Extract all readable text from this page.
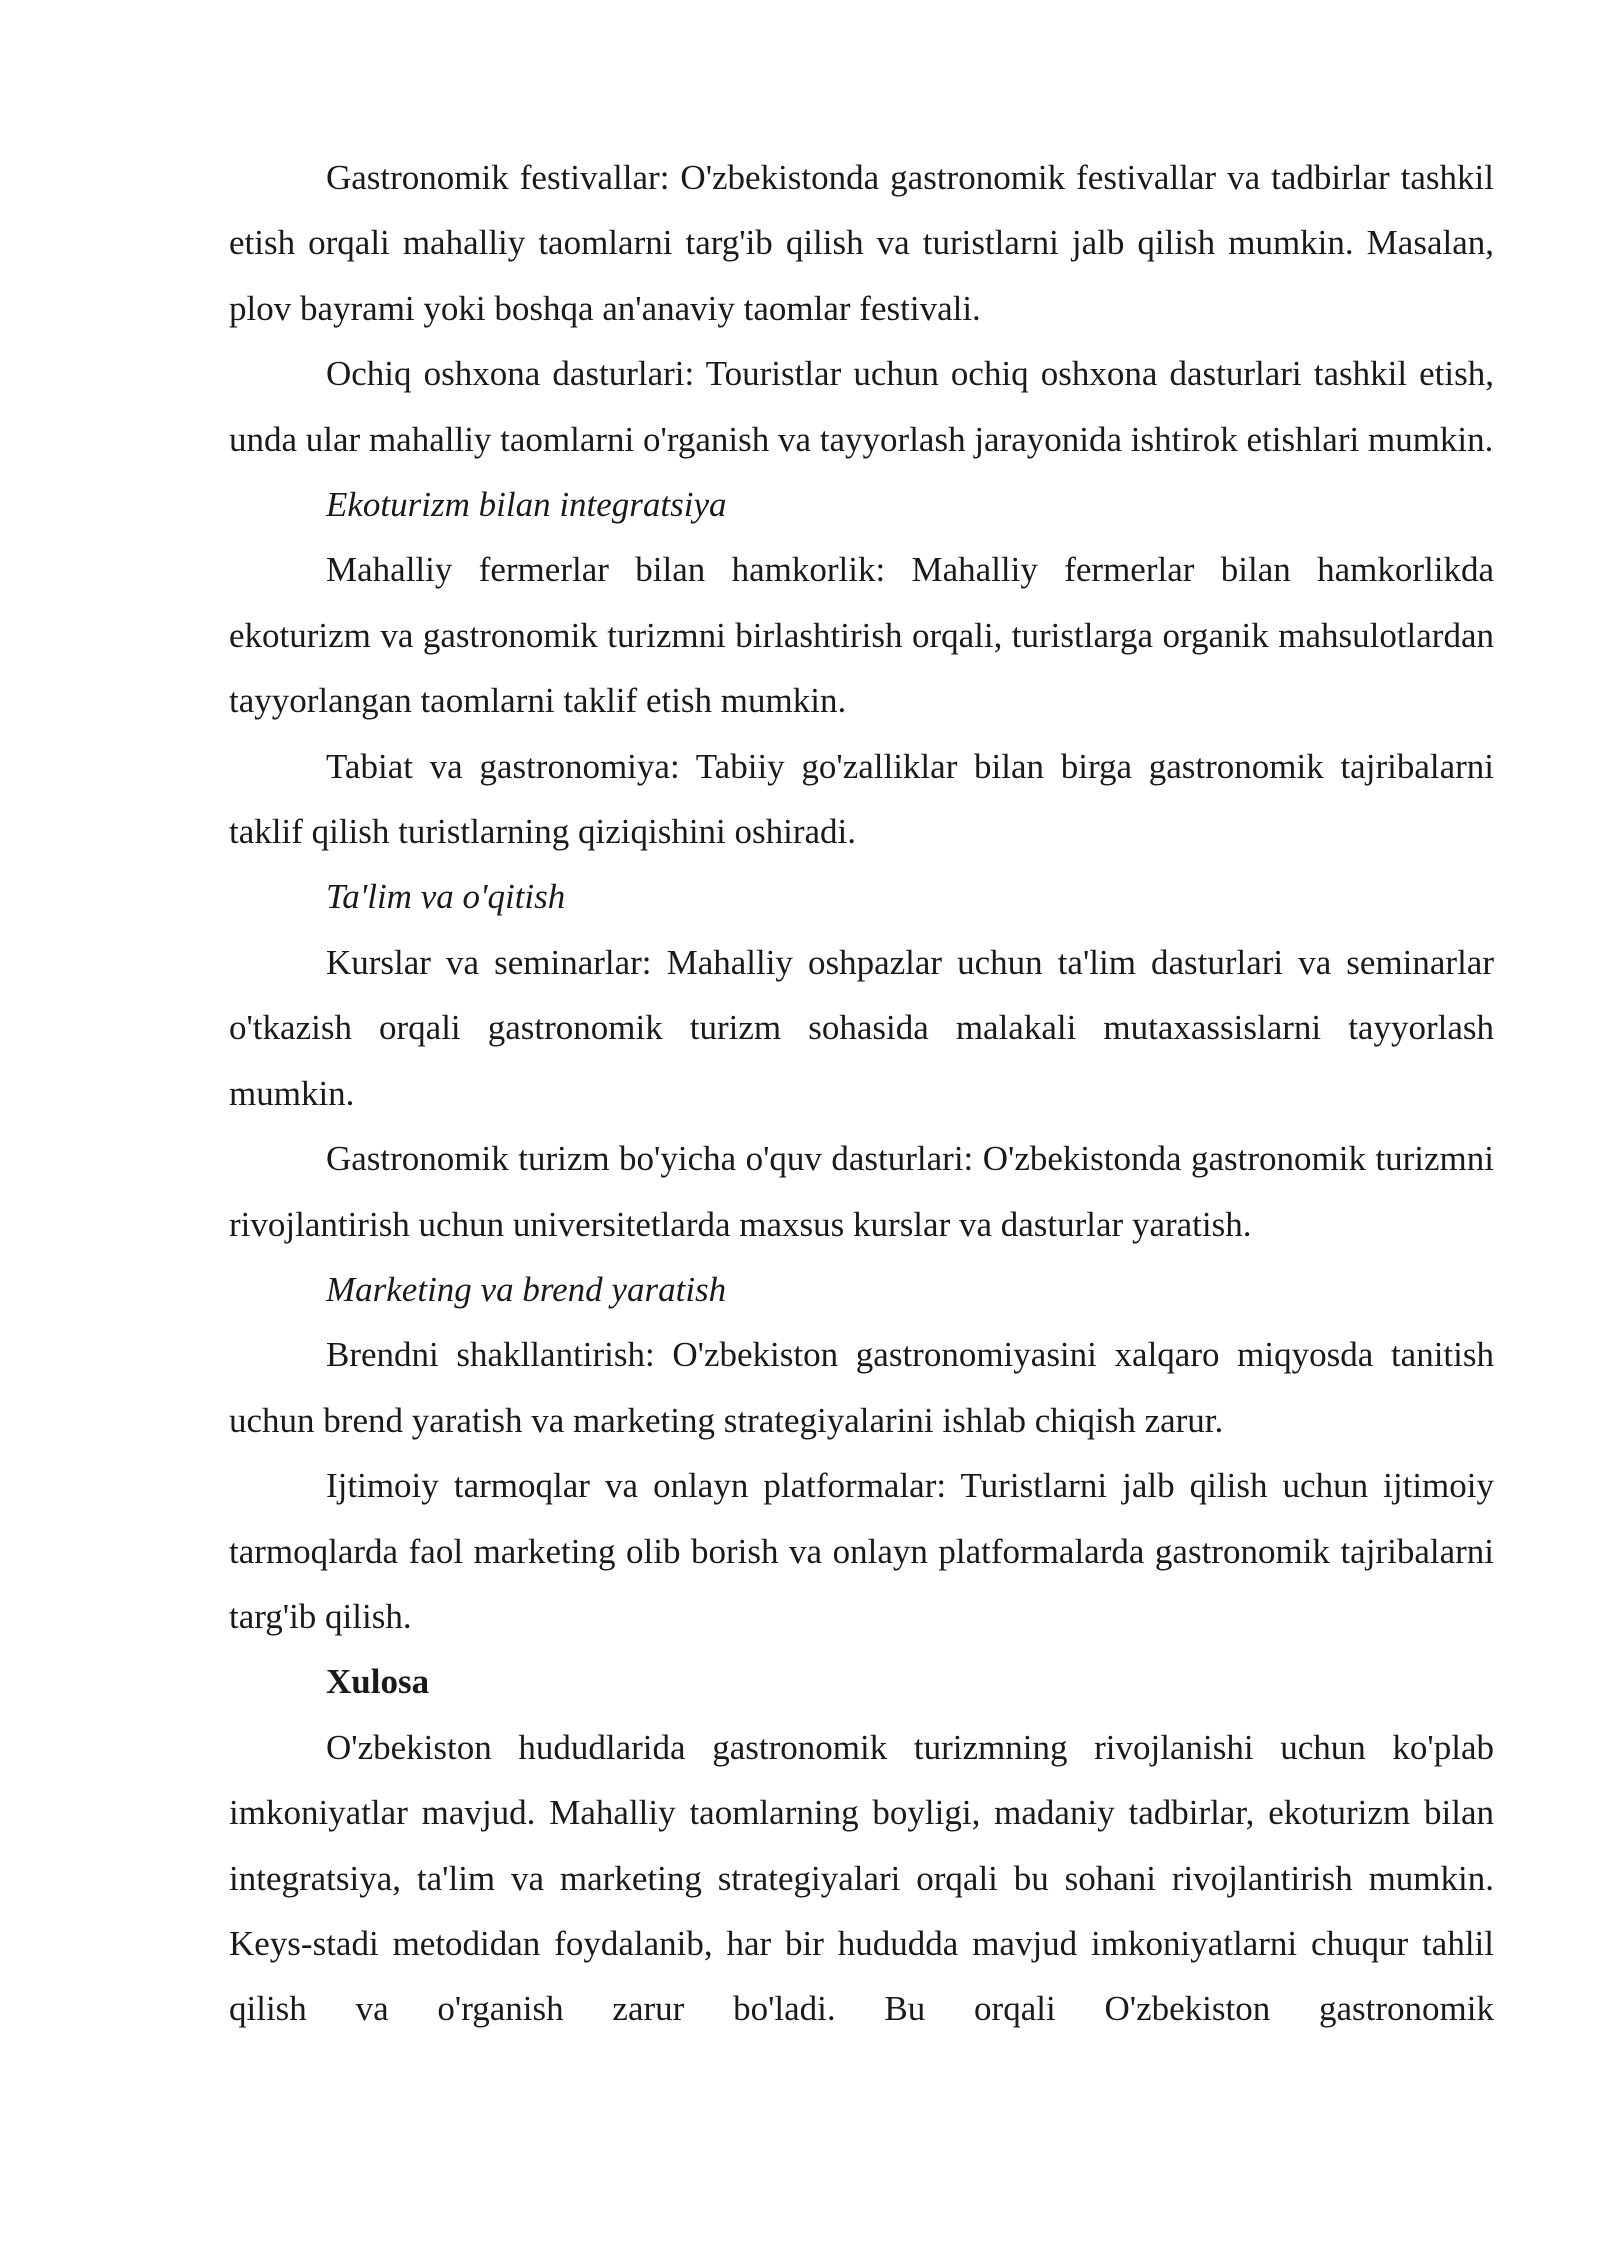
Gastronomik festivallar: O'zbekistonda gastronomik festivallar va tadbirlar tashkil etish orqali mahalliy taomlarni targ'ib qilish va turistlarni jalb qilish mumkin. Masalan, plov bayrami yoki boshqa an'anaviy taomlar festivali.

Ochiq oshxona dasturlari: Touristlar uchun ochiq oshxona dasturlari tashkil etish, unda ular mahalliy taomlarni o'rganish va tayyorlash jarayonida ishtirok etishlari mumkin.

Ekoturizm bilan integratsiya

Mahalliy fermerlar bilan hamkorlik: Mahalliy fermerlar bilan hamkorlikda ekoturizm va gastronomik turizmni birlashtirish orqali, turistlarga organik mahsulotlardan tayyorlangan taomlarni taklif etish mumkin.

Tabiat va gastronomiya: Tabiiy go'zalliklar bilan birga gastronomik tajribalarni taklif qilish turistlarning qiziqishini oshiradi.

Ta'lim va o'qitish

Kurslar va seminarlar: Mahalliy oshpazlar uchun ta'lim dasturlari va seminarlar o'tkazish orqali gastronomik turizm sohasida malakali mutaxassislarni tayyorlash mumkin.

Gastronomik turizm bo'yicha o'quv dasturlari: O'zbekistonda gastronomik turizmni rivojlantirish uchun universitetlarda maxsus kurslar va dasturlar yaratish.

Marketing va brend yaratish

Brendni shakllantirish: O'zbekiston gastronomiyasini xalqaro miqyosda tanitish uchun brend yaratish va marketing strategiyalarini ishlab chiqish zarur.

Ijtimoiy tarmoqlar va onlayn platformalar: Turistlarni jalb qilish uchun ijtimoiy tarmoqlarda faol marketing olib borish va onlayn platformalarda gastronomik tajribalarni targ'ib qilish.

Xulosa

O'zbekiston hududlarida gastronomik turizmning rivojlanishi uchun ko'plab imkoniyatlar mavjud. Mahalliy taomlarning boyligi, madaniy tadbirlar, ekoturizm bilan integratsiya, ta'lim va marketing strategiyalari orqali bu sohani rivojlantirish mumkin. Keys-stadi metodidan foydalanib, har bir hududda mavjud imkoniyatlarni chuqur tahlil qilish va o'rganish zarur bo'ladi. Bu orqali O'zbekiston gastronomik
